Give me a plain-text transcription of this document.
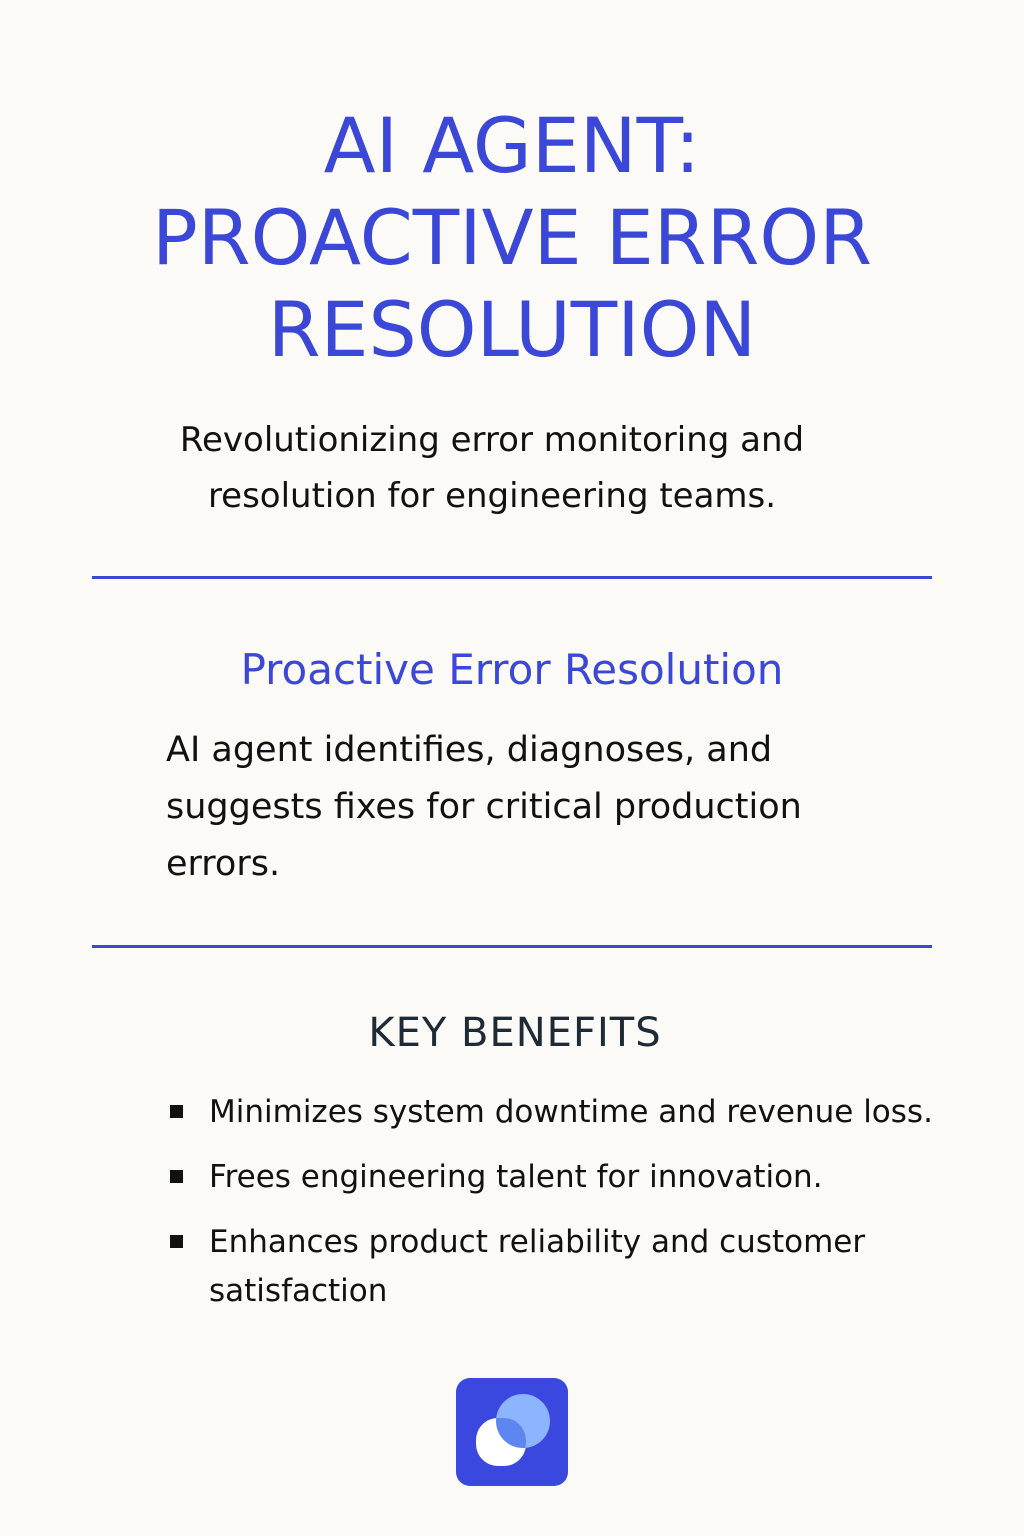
AI AGENT:
PROACTIVE ERROR
RESOLUTION

Revolutionizing error monitoring and
resolution for engineering teams.

Proactive Error Resolution

AI agent identifies, diagnoses, and
suggests fixes for critical production
errors.

KEY BENEFITS
Minimizes system downtime and revenue loss.
Frees engineering talent for innovation.
Enhances product reliability and customer
satisfaction
